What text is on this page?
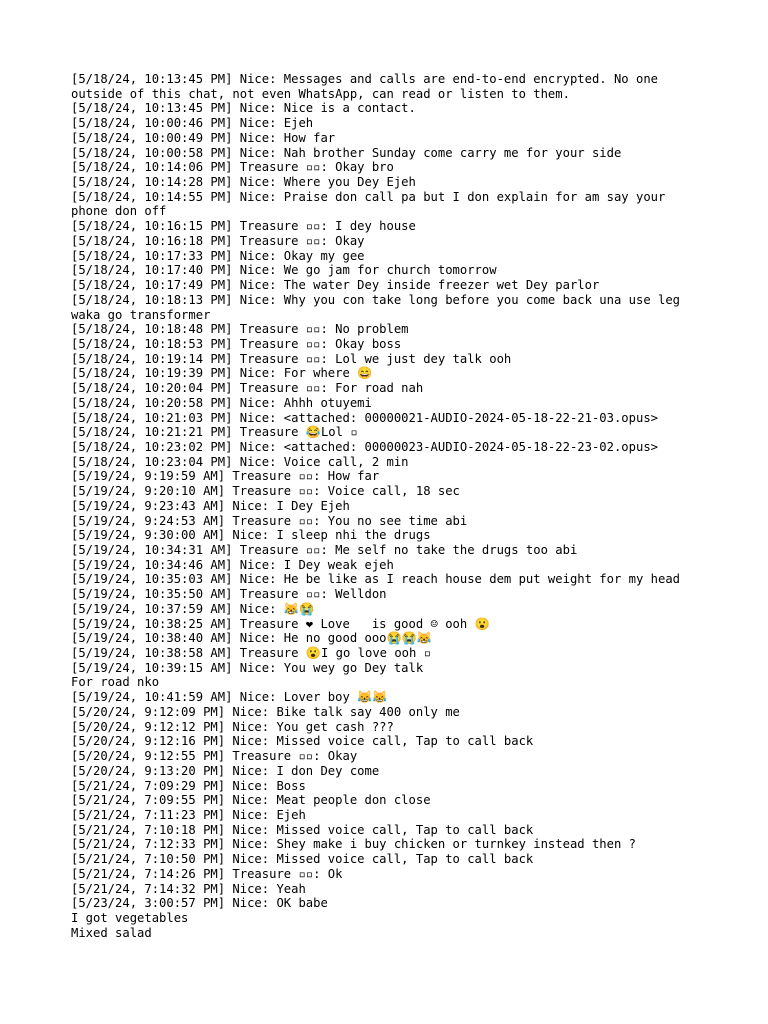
[5/18/24, 10:13:45 PM] Nice: Messages and calls are end-to-end encrypted. No one
outside of this chat, not even WhatsApp, can read or listen to them.
[5/18/24, 10:13:45 PM] Nice: Nice is a contact.
[5/18/24, 10:00:46 PM] Nice: Ejeh
[5/18/24, 10:00:49 PM] Nice: How far
[5/18/24, 10:00:58 PM] Nice: Nah brother Sunday come carry me for your side
[5/18/24, 10:14:06 PM] Treasure ▫▫: Okay bro
[5/18/24, 10:14:28 PM] Nice: Where you Dey Ejeh
[5/18/24, 10:14:55 PM] Nice: Praise don call pa but I don explain for am say your
phone don off
[5/18/24, 10:16:15 PM] Treasure ▫▫: I dey house
[5/18/24, 10:16:18 PM] Treasure ▫▫: Okay
[5/18/24, 10:17:33 PM] Nice: Okay my gee
[5/18/24, 10:17:40 PM] Nice: We go jam for church tomorrow
[5/18/24, 10:17:49 PM] Nice: The water Dey inside freezer wet Dey parlor
[5/18/24, 10:18:13 PM] Nice: Why you con take long before you come back una use leg
waka go transformer
[5/18/24, 10:18:48 PM] Treasure ▫▫: No problem
[5/18/24, 10:18:53 PM] Treasure ▫▫: Okay boss
[5/18/24, 10:19:14 PM] Treasure ▫▫: Lol we just dey talk ooh
[5/18/24, 10:19:39 PM] Nice: For where 😄
[5/18/24, 10:20:04 PM] Treasure ▫▫: For road nah
[5/18/24, 10:20:58 PM] Nice: Ahhh otuyemi
[5/18/24, 10:21:03 PM] Nice: <attached: 00000021-AUDIO-2024-05-18-22-21-03.opus>
[5/18/24, 10:21:21 PM] Treasure 😂Lol ▫
[5/18/24, 10:23:02 PM] Nice: <attached: 00000023-AUDIO-2024-05-18-22-23-02.opus>
[5/18/24, 10:23:04 PM] Nice: Voice call, 2 min
[5/19/24, 9:19:59 AM] Treasure ▫▫: How far
[5/19/24, 9:20:10 AM] Treasure ▫▫: Voice call, 18 sec
[5/19/24, 9:23:43 AM] Nice: I Dey Ejeh
[5/19/24, 9:24:53 AM] Treasure ▫▫: You no see time abi
[5/19/24, 9:30:00 AM] Nice: I sleep nhi the drugs
[5/19/24, 10:34:31 AM] Treasure ▫▫: Me self no take the drugs too abi
[5/19/24, 10:34:46 AM] Nice: I Dey weak ejeh
[5/19/24, 10:35:03 AM] Nice: He be like as I reach house dem put weight for my head
[5/19/24, 10:35:50 AM] Treasure ▫▫: Welldon
[5/19/24, 10:37:59 AM] Nice: 😹😭
[5/19/24, 10:38:25 AM] Treasure ❤ Love   is good ☺ ooh 😮
[5/19/24, 10:38:40 AM] Nice: He no good ooo😭😭😹
[5/19/24, 10:38:58 AM] Treasure 😮I go love ooh ▫
[5/19/24, 10:39:15 AM] Nice: You wey go Dey talk
For road nko
[5/19/24, 10:41:59 AM] Nice: Lover boy 😹😹
[5/20/24, 9:12:09 PM] Nice: Bike talk say 400 only me
[5/20/24, 9:12:12 PM] Nice: You get cash ???
[5/20/24, 9:12:16 PM] Nice: Missed voice call, Tap to call back
[5/20/24, 9:12:55 PM] Treasure ▫▫: Okay
[5/20/24, 9:13:20 PM] Nice: I don Dey come
[5/21/24, 7:09:29 PM] Nice: Boss
[5/21/24, 7:09:55 PM] Nice: Meat people don close
[5/21/24, 7:11:23 PM] Nice: Ejeh
[5/21/24, 7:10:18 PM] Nice: Missed voice call, Tap to call back
[5/21/24, 7:12:33 PM] Nice: Shey make i buy chicken or turnkey instead then ?
[5/21/24, 7:10:50 PM] Nice: Missed voice call, Tap to call back
[5/21/24, 7:14:26 PM] Treasure ▫▫: Ok
[5/21/24, 7:14:32 PM] Nice: Yeah
[5/23/24, 3:00:57 PM] Nice: OK babe
I got vegetables
Mixed salad
